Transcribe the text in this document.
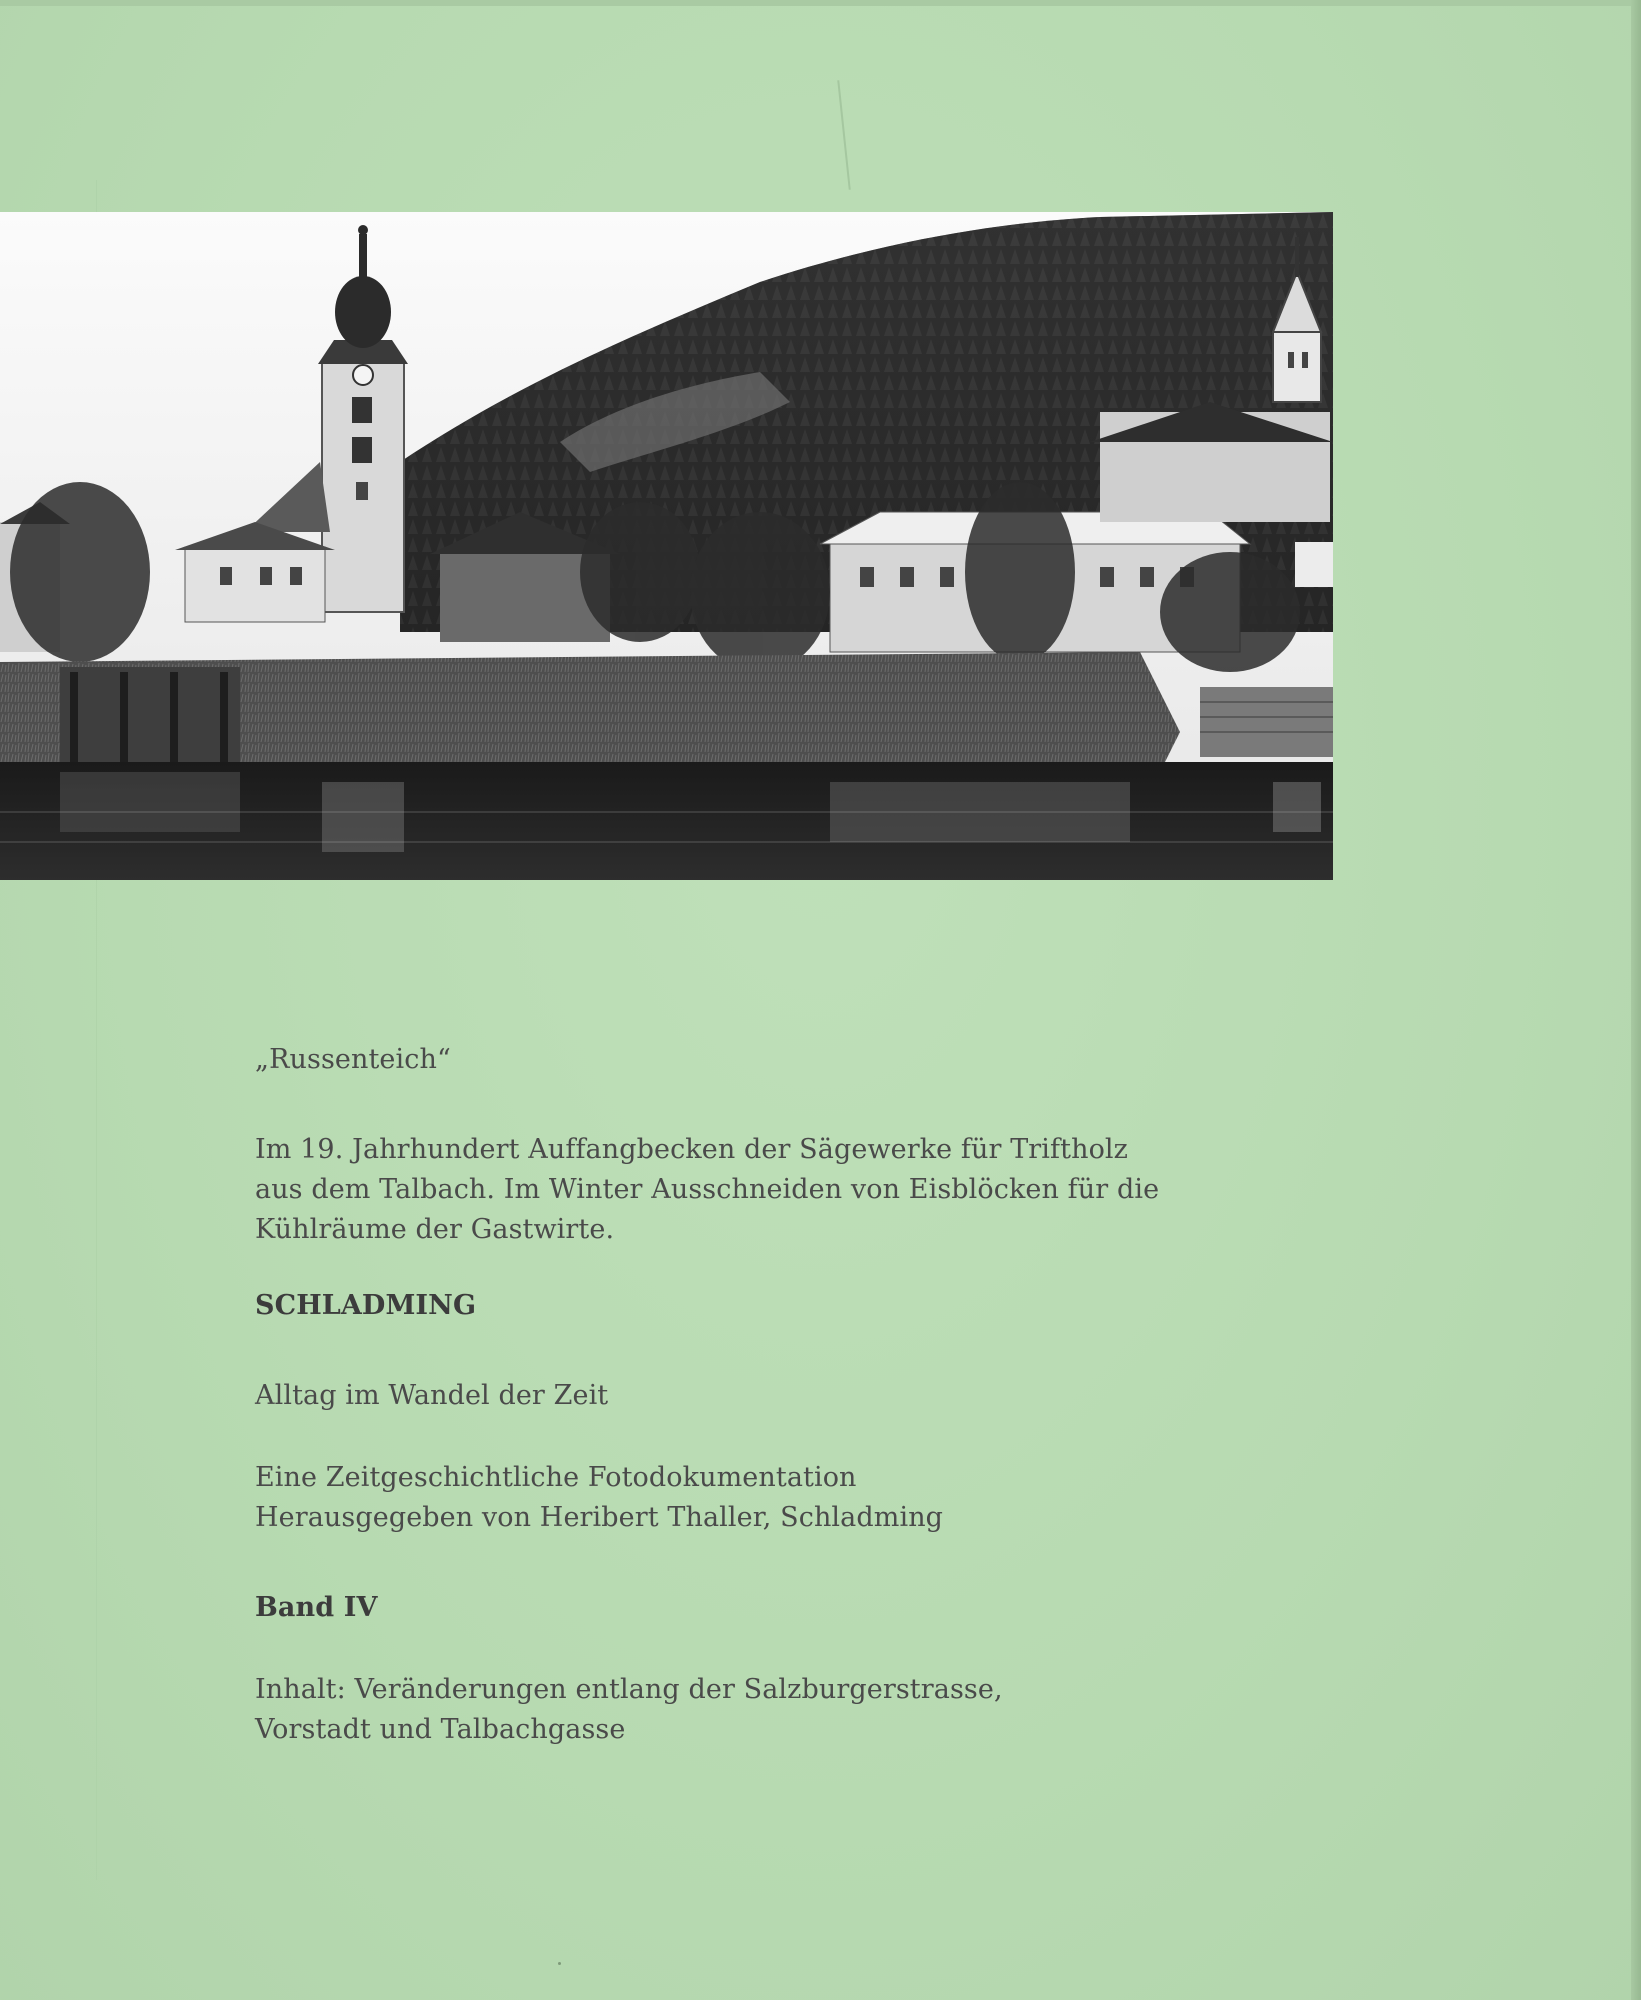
„Russenteich“

Im 19. Jahrhundert Auffangbecken der Sägewerke für Triftholz

aus dem Talbach. Im Winter Ausschneiden von Eisblöcken für die

Kühlräume der Gastwirte.

SCHLADMING

Alltag im Wandel der Zeit

Eine Zeitgeschichtliche Fotodokumentation

Herausgegeben von Heribert Thaller, Schladming

Band IV

Inhalt: Veränderungen entlang der Salzburgerstrasse,

Vorstadt und Talbachgasse
